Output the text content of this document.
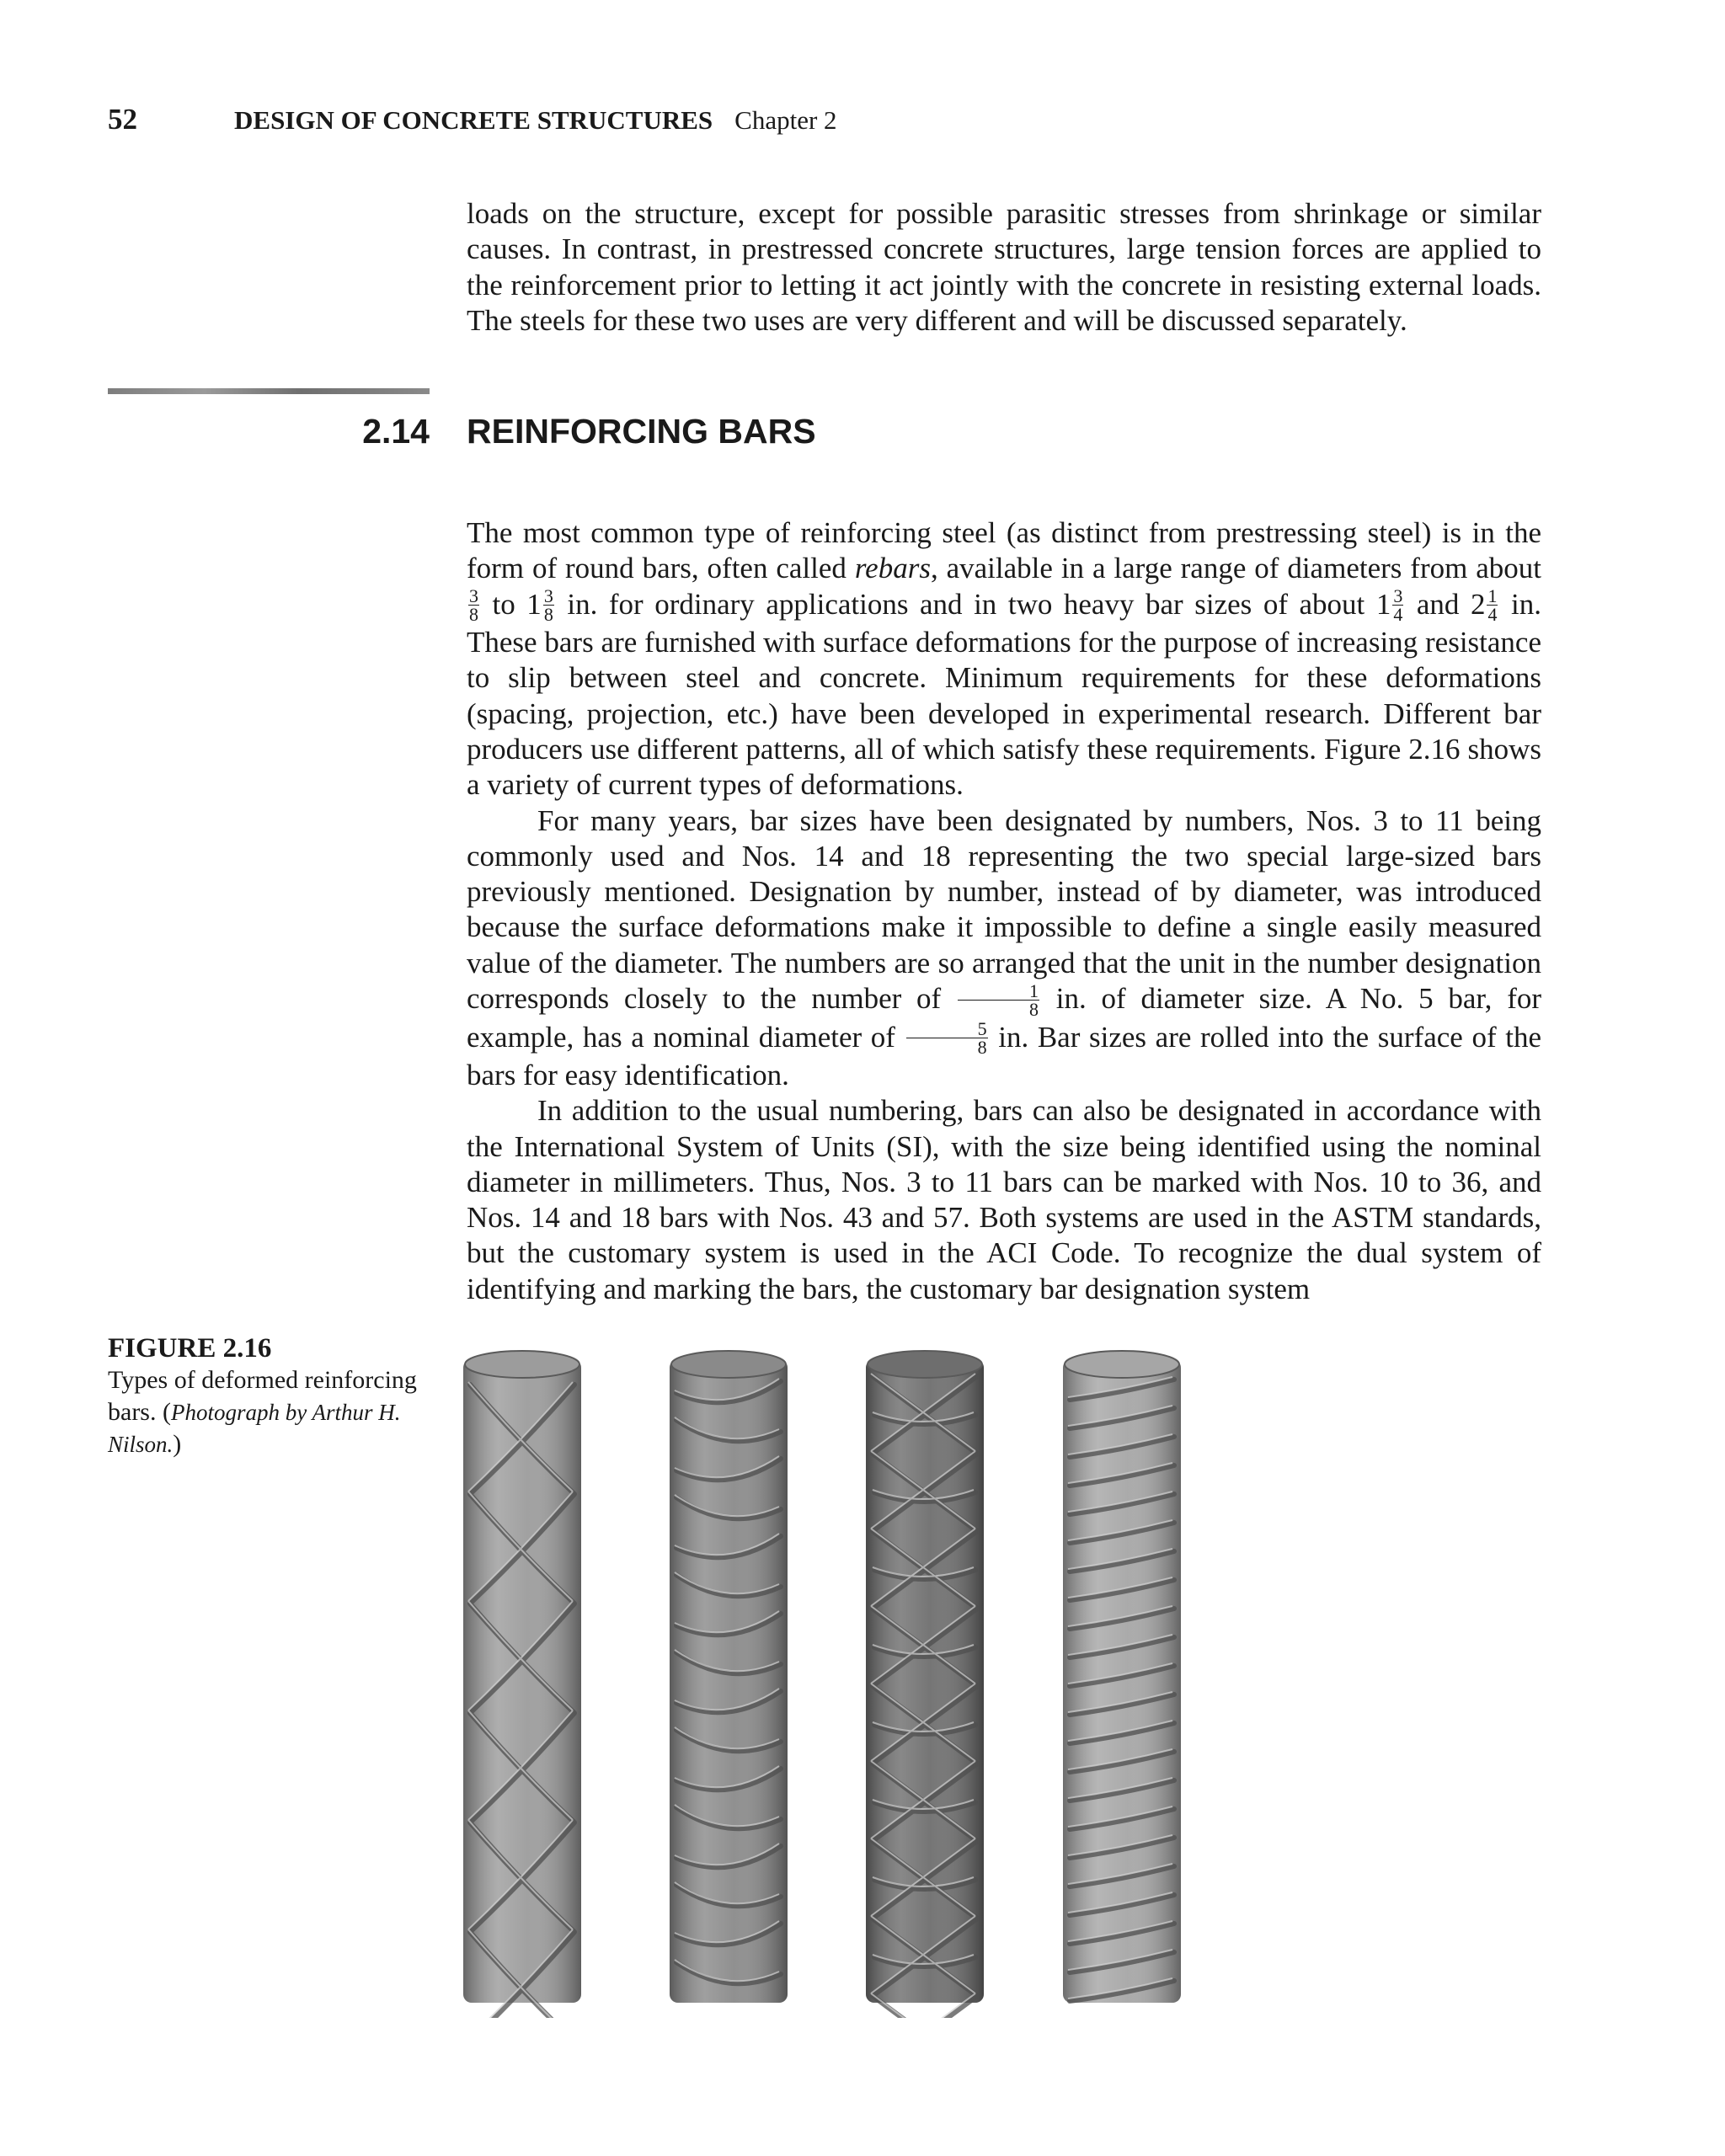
52	DESIGN OF CONCRETE STRUCTURES Chapter 2

loads on the structure, except for possible parasitic stresses from shrinkage or similar causes. In contrast, in prestressed concrete structures, large tension forces are applied to the reinforcement prior to letting it act jointly with the concrete in resisting external loads. The steels for these two uses are very different and will be discussed separately.

2.14 REINFORCING BARS

The most common type of reinforcing steel (as distinct from prestressing steel) is in the form of round bars, often called rebars, available in a large range of diameters from about
$\frac{3}{8}$ to $1 \frac{3}{8}$ in. for ordinary applications and in two heavy bar sizes of about $1 \frac{3}{4}$ and $2 \frac{1}{4}$ in. These bars are furnished with surface deformations for the purpose of increasing resistance to slip between steel and concrete. Minimum requirements for these deformations (spacing, projection, etc.) have been developed in experimental research. Different bar producers use different patterns, all of which satisfy these requirements. Figure 2.16 shows a variety of current types of deformations.

For many years, bar sizes have been designated by numbers, Nos. 3 to 11 being commonly used and Nos. 14 and 18 representing the two special large-sized bars previously mentioned. Designation by number, instead of by diameter, was introduced because the surface deformations make it impossible to define a single easily measured value of the diameter. The numbers are so arranged that the unit in the number designation corresponds closely to the number of $\frac{1}{8}$ in. of diameter size. A No. 5 bar, for example, has a nominal diameter of $\frac{5}{8}$ in. Bar sizes are rolled into the surface of the bars for easy identification.

In addition to the usual numbering, bars can also be designated in accordance with the International System of Units (SI), with the size being identified using the nominal diameter in millimeters. Thus, Nos. 3 to 11 bars can be marked with Nos. 10 to 36, and Nos. 14 and 18 bars with Nos. 43 and 57. Both systems are used in the ASTM standards, but the customary system is used in the ACI Code. To recognize the dual system of identifying and marking the bars, the customary bar designation system

FIGURE 2.16
Types of deformed reinforcing bars. (Photograph by Arthur H. Nilson.)
